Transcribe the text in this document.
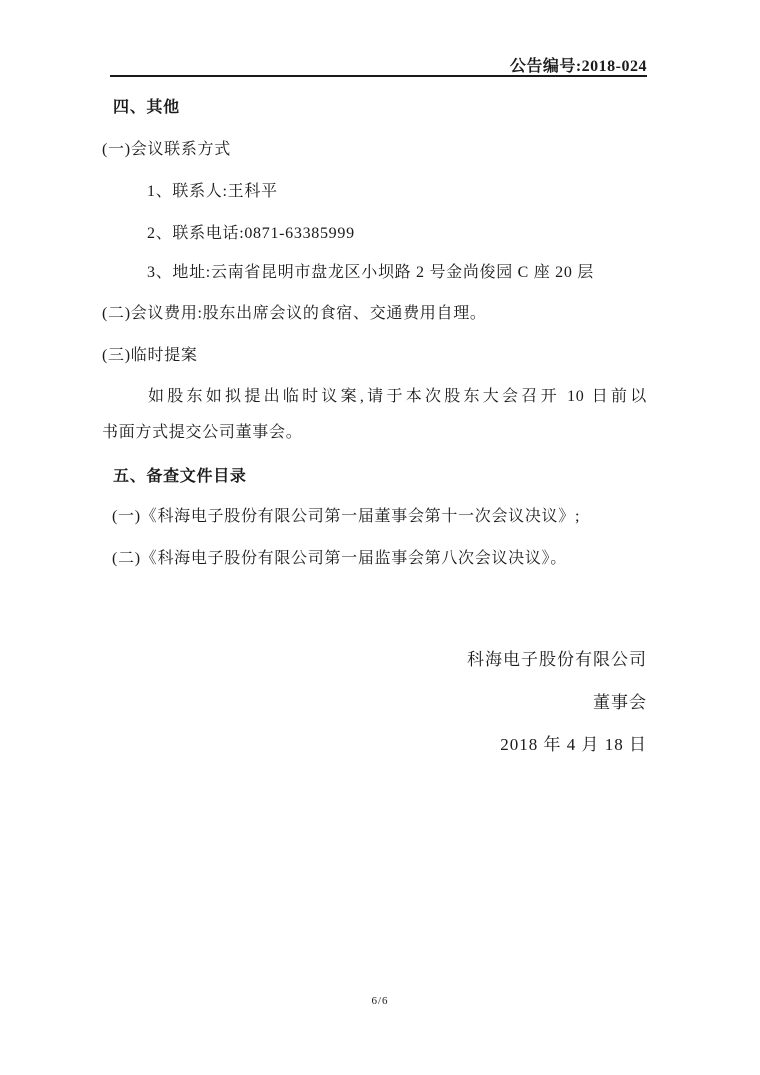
公告编号:2018-024
四、其他
(一)会议联系方式
1、联系人:王科平
2、联系电话:0871-63385999
3、地址:云南省昆明市盘龙区小坝路 2 号金尚俊园 C 座 20 层
(二)会议费用:股东出席会议的食宿、交通费用自理。
(三)临时提案
如股东如拟提出临时议案,请于本次股东大会召开 10 日前以
书面方式提交公司董事会。
五、备查文件目录
(一)《科海电子股份有限公司第一届董事会第十一次会议决议》;
(二)《科海电子股份有限公司第一届监事会第八次会议决议》。
科海电子股份有限公司
董事会
2018 年 4 月 18 日
6/6
